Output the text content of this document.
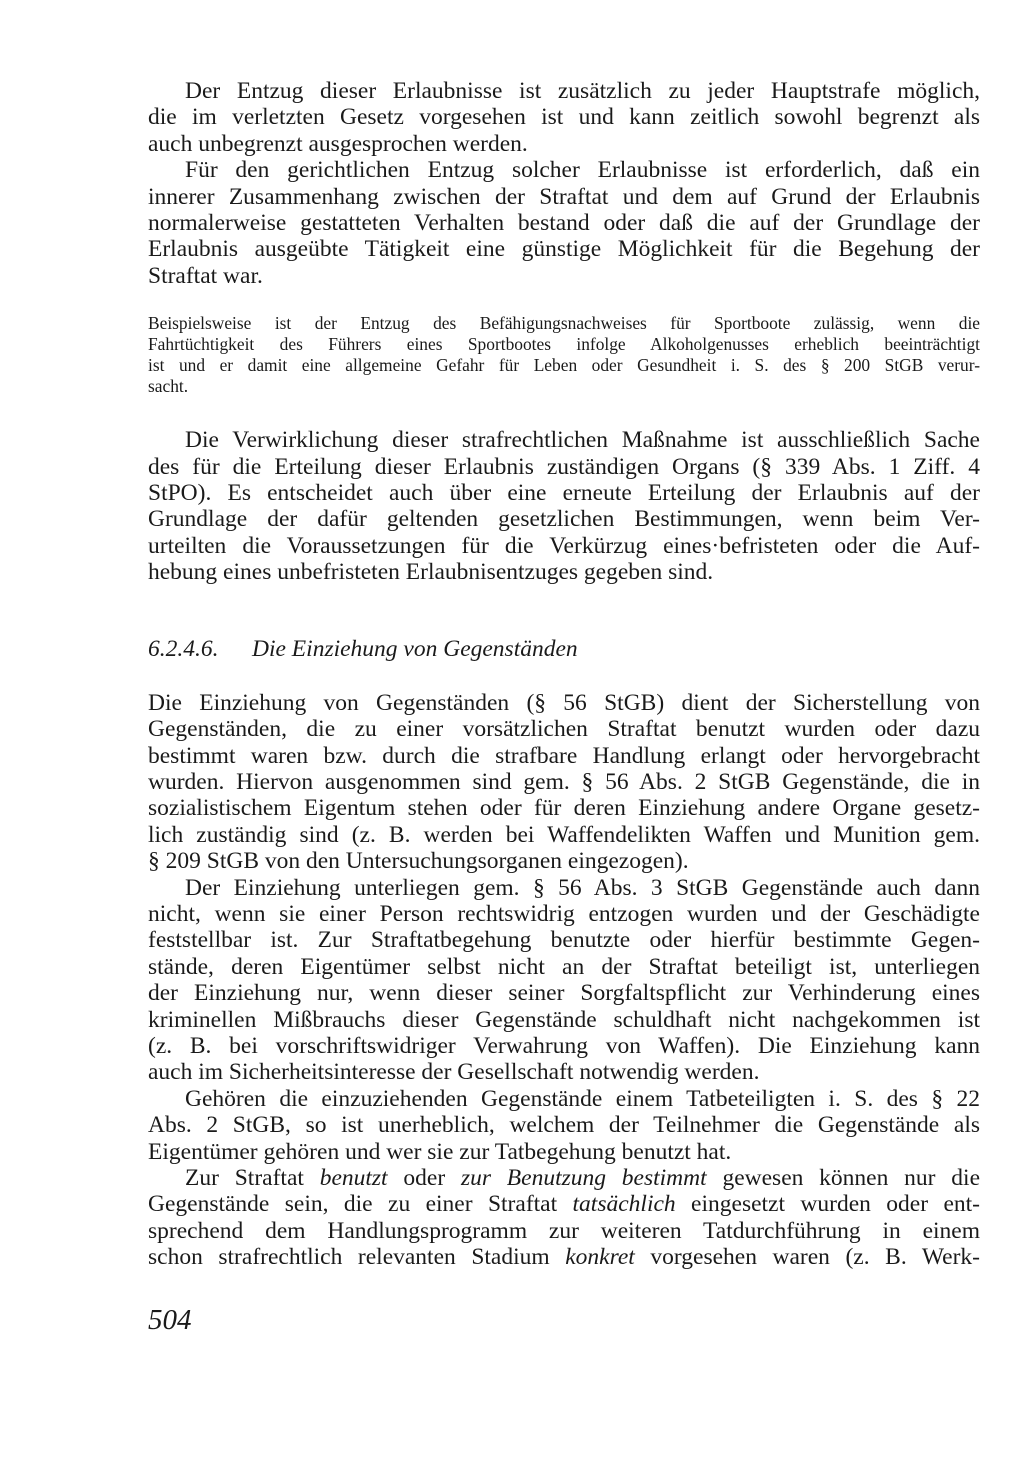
Der Entzug dieser Erlaubnisse ist zusätzlich zu jeder Hauptstrafe möglich,
die im verletzten Gesetz vorgesehen ist und kann zeitlich sowohl begrenzt als
auch unbegrenzt ausgesprochen werden.
Für den gerichtlichen Entzug solcher Erlaubnisse ist erforderlich, daß ein
innerer Zusammenhang zwischen der Straftat und dem auf Grund der Erlaubnis
normalerweise gestatteten Verhalten bestand oder daß die auf der Grundlage der
Erlaubnis ausgeübte Tätigkeit eine günstige Möglichkeit für die Begehung der
Straftat war.
Beispielsweise ist der Entzug des Befähigungsnachweises für Sportboote zulässig, wenn die
Fahrtüchtigkeit des Führers eines Sportbootes infolge Alkoholgenusses erheblich beeinträchtigt
ist und er damit eine allgemeine Gefahr für Leben oder Gesundheit i. S. des § 200 StGB verur-
sacht.
Die Verwirklichung dieser strafrechtlichen Maßnahme ist ausschließlich Sache
des für die Erteilung dieser Erlaubnis zuständigen Organs (§ 339 Abs. 1 Ziff. 4
StPO). Es entscheidet auch über eine erneute Erteilung der Erlaubnis auf der
Grundlage der dafür geltenden gesetzlichen Bestimmungen, wenn beim Ver-
urteilten die Voraussetzungen für die Verkürzug eines·befristeten oder die Auf-
hebung eines unbefristeten Erlaubnisentzuges gegeben sind.
6.2.4.6. Die Einziehung von Gegenständen
Die Einziehung von Gegenständen (§ 56 StGB) dient der Sicherstellung von
Gegenständen, die zu einer vorsätzlichen Straftat benutzt wurden oder dazu
bestimmt waren bzw. durch die strafbare Handlung erlangt oder hervorgebracht
wurden. Hiervon ausgenommen sind gem. § 56 Abs. 2 StGB Gegenstände, die in
sozialistischem Eigentum stehen oder für deren Einziehung andere Organe gesetz-
lich zuständig sind (z. B. werden bei Waffendelikten Waffen und Munition gem.
§ 209 StGB von den Untersuchungsorganen eingezogen).
Der Einziehung unterliegen gem. § 56 Abs. 3 StGB Gegenstände auch dann
nicht, wenn sie einer Person rechtswidrig entzogen wurden und der Geschädigte
feststellbar ist. Zur Straftatbegehung benutzte oder hierfür bestimmte Gegen-
stände, deren Eigentümer selbst nicht an der Straftat beteiligt ist, unterliegen
der Einziehung nur, wenn dieser seiner Sorgfaltspflicht zur Verhinderung eines
kriminellen Mißbrauchs dieser Gegenstände schuldhaft nicht nachgekommen ist
(z. B. bei vorschriftswidriger Verwahrung von Waffen). Die Einziehung kann
auch im Sicherheitsinteresse der Gesellschaft notwendig werden.
Gehören die einzuziehenden Gegenstände einem Tatbeteiligten i. S. des § 22
Abs. 2 StGB, so ist unerheblich, welchem der Teilnehmer die Gegenstände als
Eigentümer gehören und wer sie zur Tatbegehung benutzt hat.
Zur Straftat benutzt oder zur Benutzung bestimmt gewesen können nur die
Gegenstände sein, die zu einer Straftat tatsächlich eingesetzt wurden oder ent-
sprechend dem Handlungsprogramm zur weiteren Tatdurchführung in einem
schon strafrechtlich relevanten Stadium konkret vorgesehen waren (z. B. Werk-
504
